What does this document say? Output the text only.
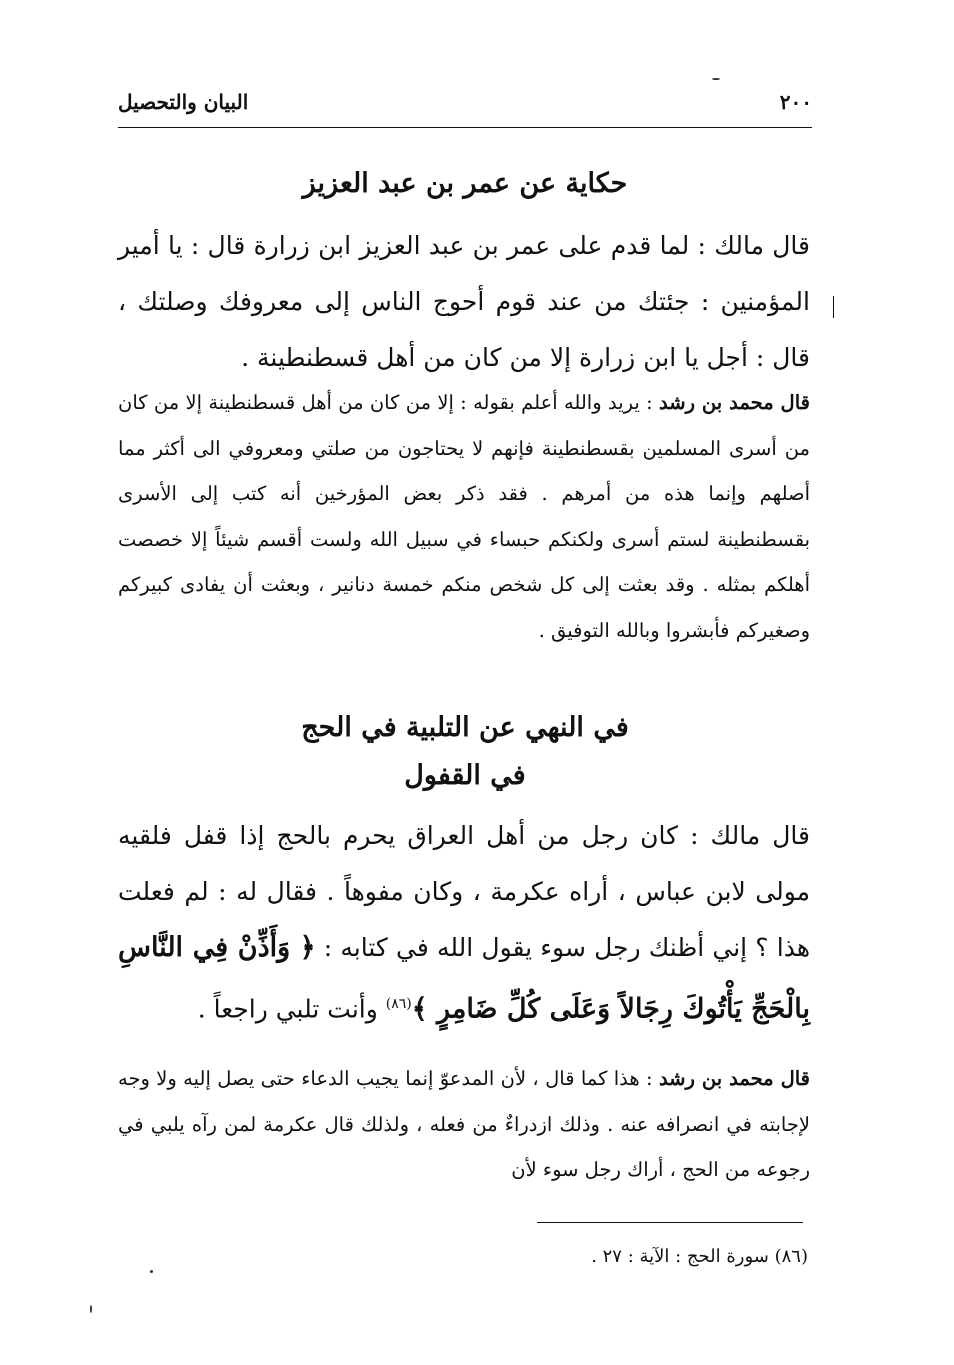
٢٠٠
البيان والتحصيل
حكاية عن عمر بن عبد العزيز
قال مالك : لما قدم على عمر بن عبد العزيز ابن زرارة قال : يا أمير المؤمنين : جئتك من عند قوم أحوج الناس إلى معروفك وصلتك ، قال : أجل يا ابن زرارة إلا من كان من أهل قسطنطينة .
قال محمد بن رشد : يريد والله أعلم بقوله : إلا من كان من أهل قسطنطينة إلا من كان من أسرى المسلمين بقسطنطينة فإنهم لا يحتاجون من صلتي ومعروفي الى أكثر مما أصلهم وإنما هذه من أمرهم . فقد ذكر بعض المؤرخين أنه كتب إلى الأسرى بقسطنطينة لستم أسرى ولكنكم حبساء في سبيل الله ولست أقسم شيئاً إلا خصصت أهلكم بمثله . وقد بعثت إلى كل شخص منكم خمسة دنانير ، وبعثت أن يفادى كبيركم وصغيركم فأبشروا وبالله التوفيق .
في النهي عن التلبية في الحج
في القفول
قال مالك : كان رجل من أهل العراق يحرم بالحج إذا قفل فلقيه مولى لابن عباس ، أراه عكرمة ، وكان مفوهاً . فقال له : لم فعلت هذا ؟ إني أظنك رجل سوء يقول الله في كتابه : ﴿ وَأَذِّنْ فِي النَّاسِ بِالْحَجِّ يَأْتُوكَ رِجَالاً وَعَلَى كُلِّ ضَامِرٍ ﴾$^{(٨٦)}$ وأنت تلبي راجعاً .
قال محمد بن رشد : هذا كما قال ، لأن المدعوّ إنما يجيب الدعاء حتى يصل إليه ولا وجه لإجابته في انصرافه عنه . وذلك ازدراءٌ من فعله ، ولذلك قال عكرمة لمن رآه يلبي في رجوعه من الحج ، أراك رجل سوء لأن
(٨٦) سورة الحج : الآية : ٢٧ .
